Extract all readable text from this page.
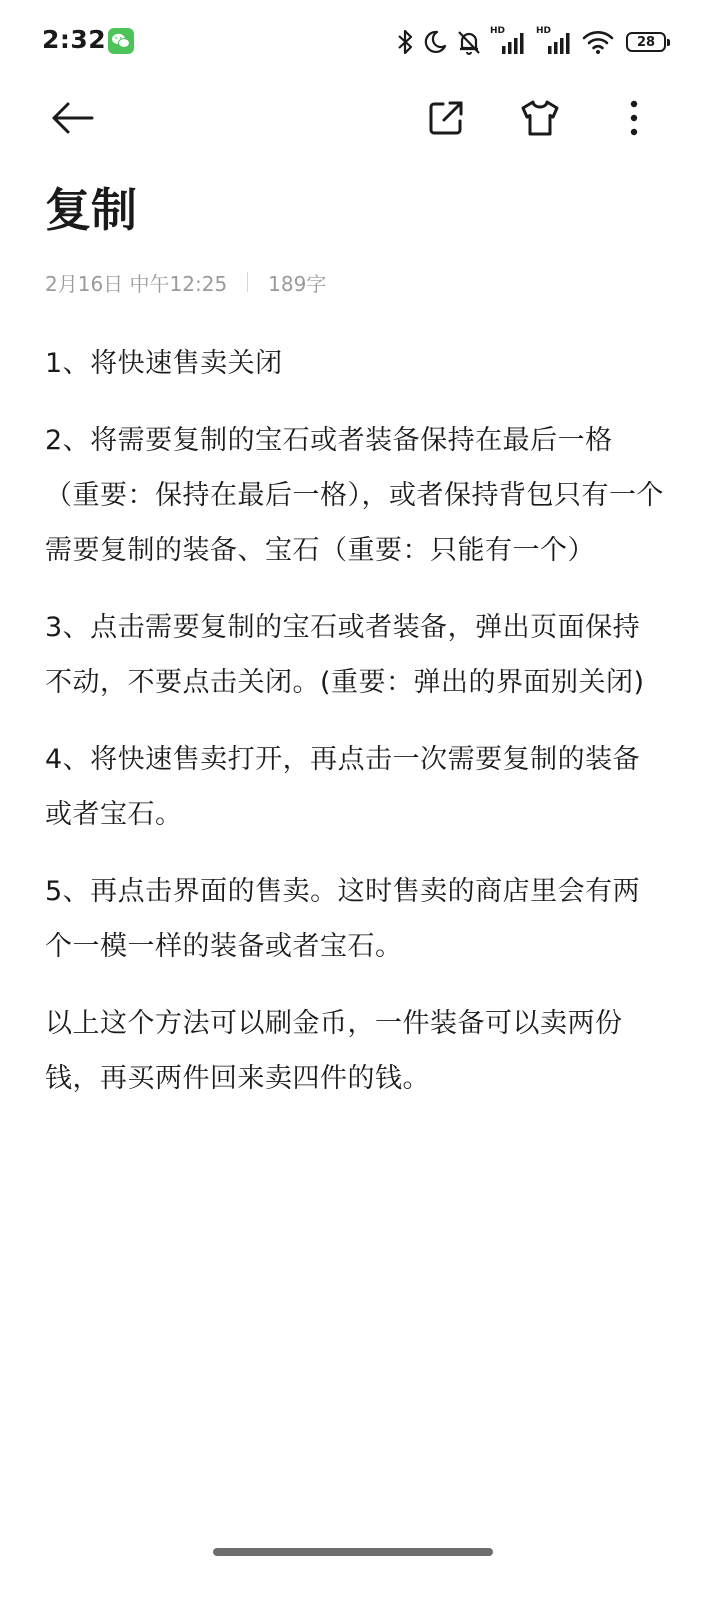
2:32	HD	HD
28
复制
2月16日 中午12:25 189字

1、将快速售卖关闭

2、将需要复制的宝石或者装备保持在最后一格（重要：保持在最后一格），或者保持背包只有一个需要复制的装备、宝石（重要：只能有一个）

3、点击需要复制的宝石或者装备，弹出页面保持不动，不要点击关闭。(重要：弹出的界面别关闭)

4、将快速售卖打开，再点击一次需要复制的装备或者宝石。

5、再点击界面的售卖。这时售卖的商店里会有两个一模一样的装备或者宝石。

以上这个方法可以刷金币，一件装备可以卖两份钱，再买两件回来卖四件的钱。
